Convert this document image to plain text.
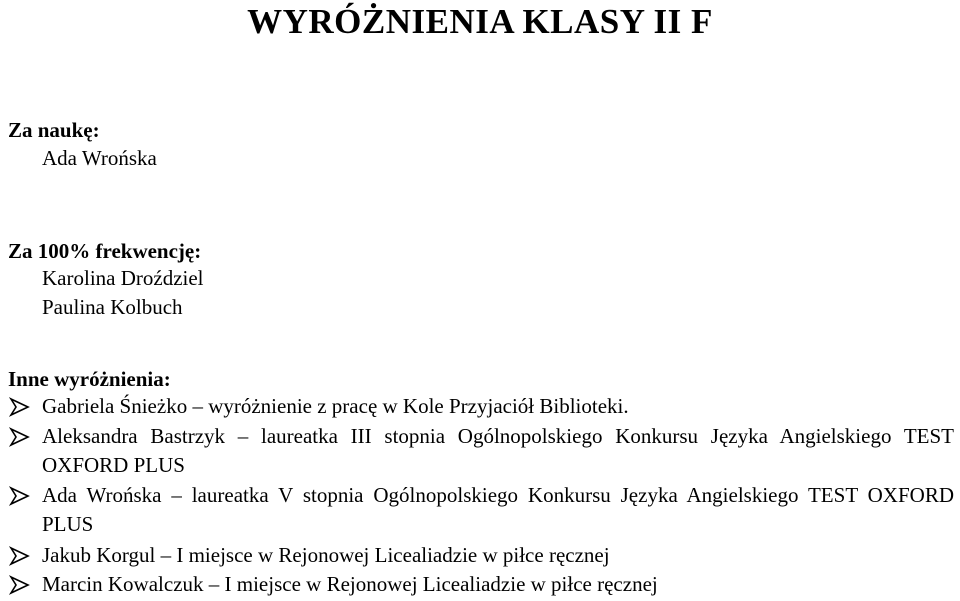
WYRÓŻNIENIA KLASY II F
Za naukę:
Ada Wrońska
Za 100% frekwencję:
Karolina Droździel
Paulina Kolbuch
Inne wyróżnienia:
Gabriela Śnieżko – wyróżnienie z pracę w Kole Przyjaciół Biblioteki.
Aleksandra Bastrzyk – laureatka III stopnia Ogólnopolskiego Konkursu Języka Angielskiego TEST OXFORD PLUS
Ada Wrońska – laureatka V stopnia Ogólnopolskiego Konkursu Języka Angielskiego TEST OXFORD PLUS
Jakub Korgul – I miejsce w Rejonowej Licealiadzie w piłce ręcznej
Marcin Kowalczuk – I miejsce w Rejonowej Licealiadzie w piłce ręcznej
